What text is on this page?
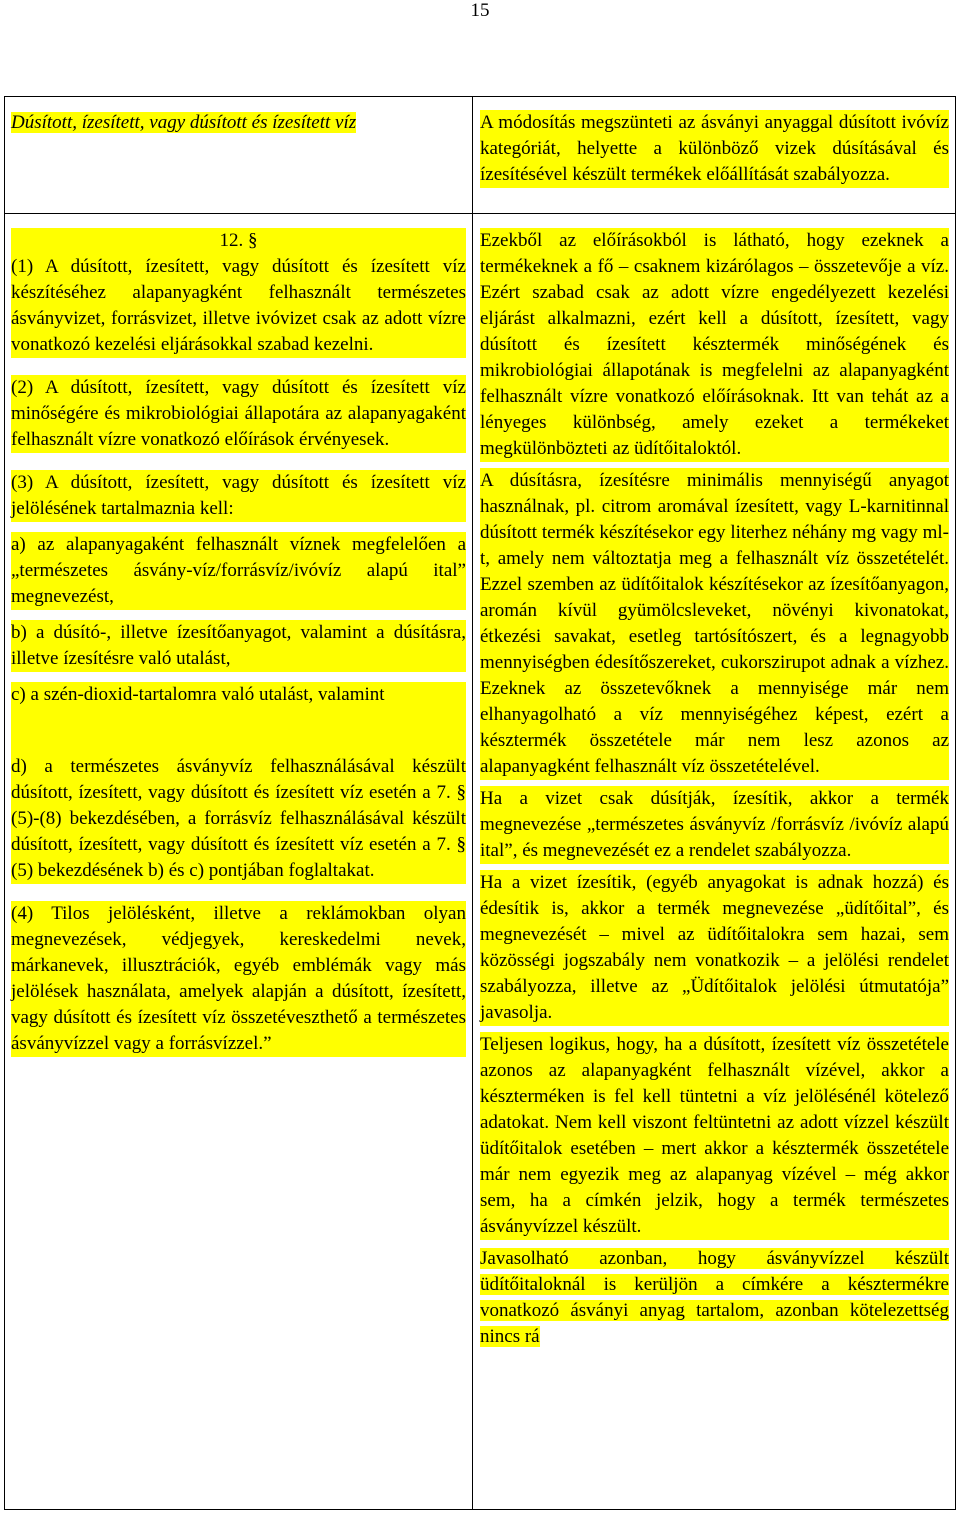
15

Dúsított, ízesített, vagy dúsított és ízesített víz	A módosítás megszünteti az ásványi anyaggal dúsított ivóvíz kategóriát, helyette a különböző vizek dúsításával és ízesítésével készült termékek előállítását szabályozza.

12. §

(1) A dúsított, ízesített, vagy dúsított és ízesített víz készítéséhez alapanyagként felhasznált természetes ásványvizet, forrásvizet, illetve ivóvizet csak az adott vízre vonatkozó kezelési eljárásokkal szabad kezelni.

(2) A dúsított, ízesített, vagy dúsított és ízesített víz minőségére és mikrobiológiai állapotára az alapanyagaként felhasznált vízre vonatkozó előírások érvényesek.

(3) A dúsított, ízesített, vagy dúsított és ízesített víz jelölésének tartalmaznia kell:

a) az alapanyagaként felhasznált víznek megfelelően a „természetes ásvány-víz/forrásvíz/ivóvíz alapú ital” megnevezést,

b) a dúsító-, illetve ízesítőanyagot, valamint a dúsításra, illetve ízesítésre való utalást,

c) a szén-dioxid-tartalomra való utalást, valamint

d) a természetes ásványvíz felhasználásával készült dúsított, ízesített, vagy dúsított és ízesített víz esetén a 7. § (5)-(8) bekezdésében, a forrásvíz felhasználásával készült dúsított, ízesített, vagy dúsított és ízesített víz esetén a 7. § (5) bekezdésének b) és c) pontjában foglaltakat.

(4) Tilos jelölésként, illetve a reklámokban olyan megnevezések, védjegyek, kereskedelmi nevek, márkanevek, illusztrációk, egyéb emblémák vagy más jelölések használata, amelyek alapján a dúsított, ízesített, vagy dúsított és ízesített víz összetéveszthető a természetes ásványvízzel vagy a forrásvízzel.”

Ezekből az előírásokból is látható, hogy ezeknek a termékeknek a fő – csaknem kizárólagos – összetevője a víz. Ezért szabad csak az adott vízre engedélyezett kezelési eljárást alkalmazni, ezért kell a dúsított, ízesített, vagy dúsított és ízesített késztermék minőségének és mikrobiológiai állapotának is megfelelni az alapanyagként felhasznált vízre vonatkozó előírásoknak. Itt van tehát az a lényeges különbség, amely ezeket a termékeket megkülönbözteti az üdítőitaloktól.

A dúsításra, ízesítésre minimális mennyiségű anyagot használnak, pl. citrom aromával ízesített, vagy L-karnitinnal dúsított termék készítésekor egy literhez néhány mg vagy ml-t, amely nem változtatja meg a felhasznált víz összetételét. Ezzel szemben az üdítőitalok készítésekor az ízesítőanyagon, aromán kívül gyümölcsleveket, növényi kivonatokat, étkezési savakat, esetleg tartósítószert, és a legnagyobb mennyiségben édesítőszereket, cukorszirupot adnak a vízhez. Ezeknek az összetevőknek a mennyisége már nem elhanyagolható a víz mennyiségéhez képest, ezért a késztermék összetétele már nem lesz azonos az alapanyagként felhasznált víz összetételével.

Ha a vizet csak dúsítják, ízesítik, akkor a termék megnevezése „természetes ásványvíz /forrásvíz /ivóvíz alapú ital”, és megnevezését ez a rendelet szabályozza.

Ha a vizet ízesítik, (egyéb anyagokat is adnak hozzá) és édesítik is, akkor a termék megnevezése „üdítőital”, és megnevezését – mivel az üdítőitalokra sem hazai, sem közösségi jogszabály nem vonatkozik – a jelölési rendelet szabályozza, illetve az „Üdítőitalok jelölési útmutatója” javasolja.

Teljesen logikus, hogy, ha a dúsított, ízesített víz összetétele azonos az alapanyagként felhasznált vízével, akkor a készterméken is fel kell tüntetni a víz jelölésénél kötelező adatokat. Nem kell viszont feltüntetni az adott vízzel készült üdítőitalok esetében – mert akkor a késztermék összetétele már nem egyezik meg az alapanyag vízével – még akkor sem, ha a címkén jelzik, hogy a termék természetes ásványvízzel készült.

Javasolható azonban, hogy ásványvízzel készült üdítőitaloknál is kerüljön a címkére a késztermékre vonatkozó ásványi anyag tartalom, azonban kötelezettség nincs rá
